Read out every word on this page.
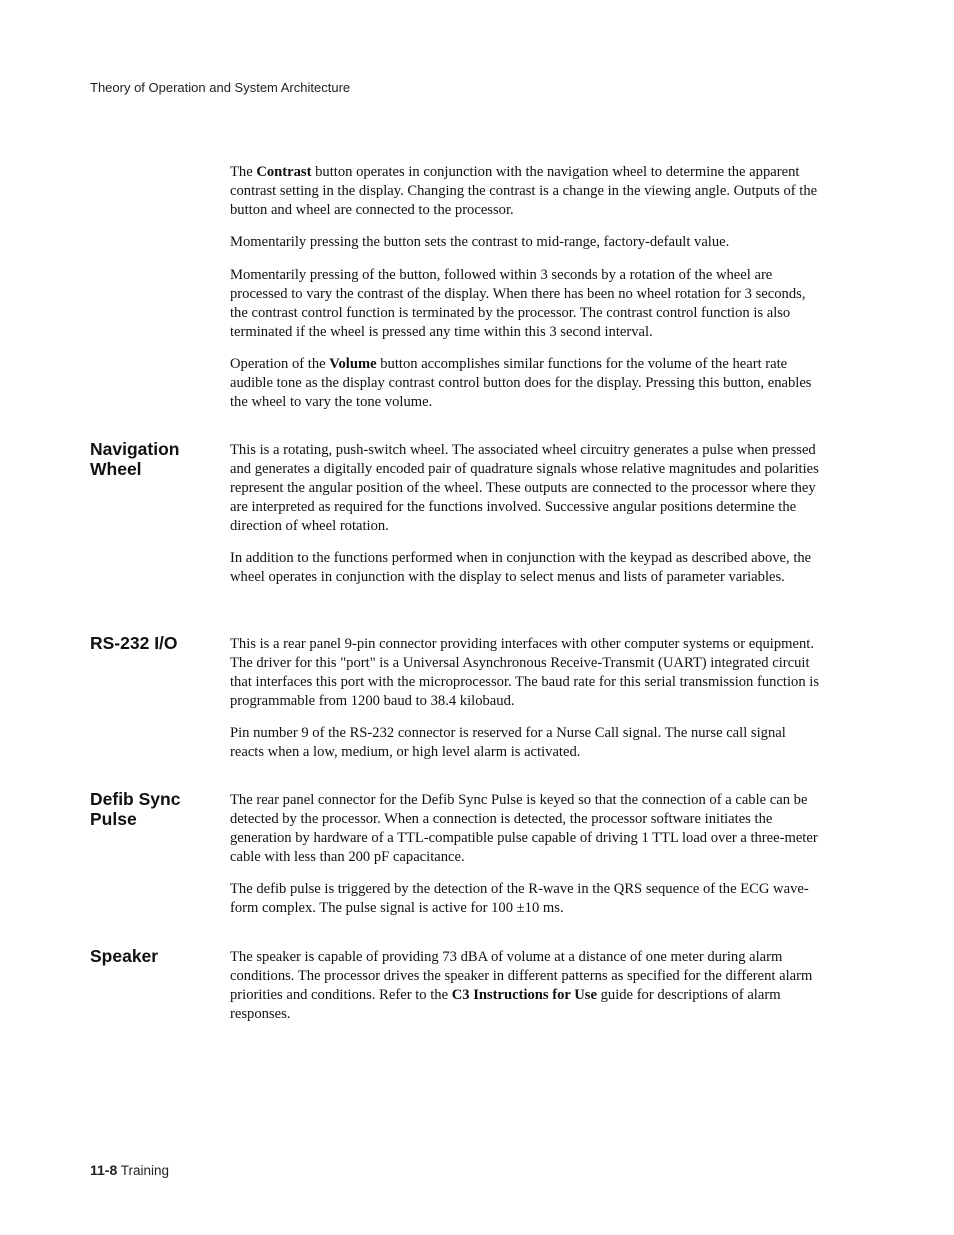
Theory of Operation and System Architecture

The Contrast button operates in conjunction with the navigation wheel to determine the apparent contrast setting in the display. Changing the contrast is a change in the viewing angle. Outputs of the button and wheel are connected to the processor.

Momentarily pressing the button sets the contrast to mid-range, factory-default value.

Momentarily pressing of the button, followed within 3 seconds by a rotation of the wheel are processed to vary the contrast of the display. When there has been no wheel rotation for 3 seconds, the contrast control function is terminated by the processor. The contrast control function is also terminated if the wheel is pressed any time within this 3 second interval.

Operation of the Volume button accomplishes similar functions for the volume of the heart rate audible tone as the display contrast control button does for the display. Pressing this button, enables the wheel to vary the tone volume.

Navigation
Wheel

This is a rotating, push-switch wheel. The associated wheel circuitry generates a pulse when pressed and generates a digitally encoded pair of quadrature signals whose relative magnitudes and polarities represent the angular position of the wheel. These outputs are connected to the processor where they are interpreted as required for the functions involved. Successive angular positions determine the direction of wheel rotation.

In addition to the functions performed when in conjunction with the keypad as described above, the wheel operates in conjunction with the display to select menus and lists of parameter variables.

RS-232 I/O	This is a rear panel 9-pin connector providing interfaces with other computer systems or equipment. The driver for this "port" is a Universal Asynchronous Receive-Transmit (UART) integrated circuit that interfaces this port with the microprocessor. The baud rate for this serial transmission function is programmable from 1200 baud to 38.4 kilobaud.

Pin number 9 of the RS-232 connector is reserved for a Nurse Call signal. The nurse call signal reacts when a low, medium, or high level alarm is activated.

Defib Sync
Pulse

The rear panel connector for the Defib Sync Pulse is keyed so that the connection of a cable can be detected by the processor. When a connection is detected, the processor software initiates the generation by hardware of a TTL-compatible pulse capable of driving 1 TTL load over a three-meter cable with less than 200 pF capacitance.

The defib pulse is triggered by the detection of the R-wave in the QRS sequence of the ECG wave-form complex. The pulse signal is active for 100 ±10 ms.

Speaker	The speaker is capable of providing 73 dBA of volume at a distance of one meter during alarm conditions. The processor drives the speaker in different patterns as specified for the different alarm priorities and conditions. Refer to the C3 Instructions for Use guide for descriptions of alarm responses.

11-8 Training
